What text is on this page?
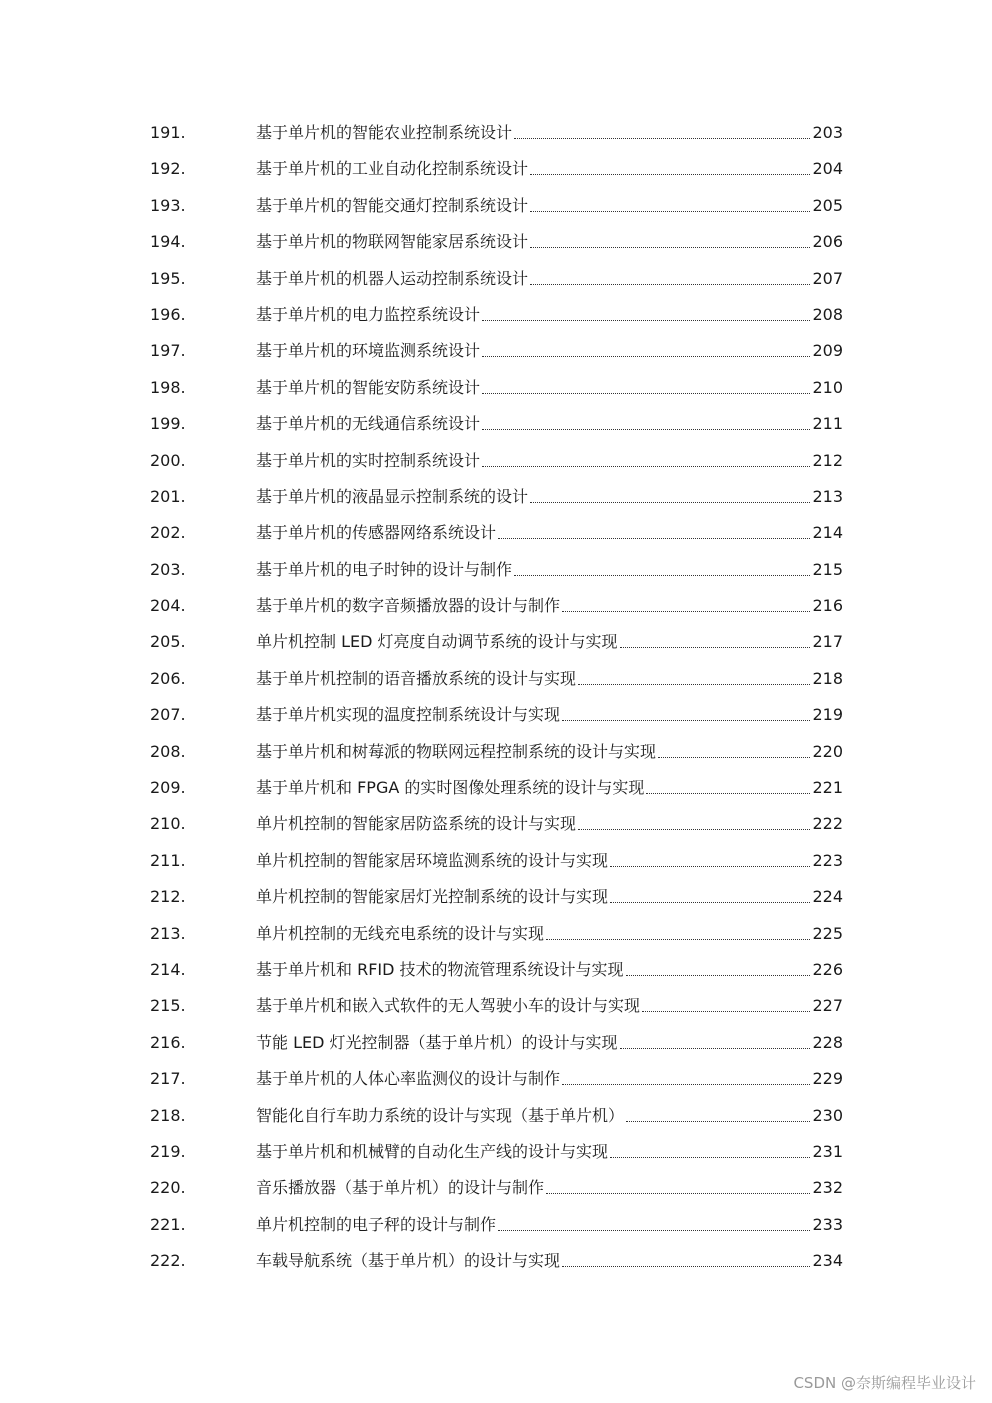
191.	基于单片机的智能农业控制系统设计	203
192.	基于单片机的工业自动化控制系统设计	204
193.	基于单片机的智能交通灯控制系统设计	205
194.	基于单片机的物联网智能家居系统设计	206
195.	基于单片机的机器人运动控制系统设计	207
196.	基于单片机的电力监控系统设计	208
197.	基于单片机的环境监测系统设计	209
198.	基于单片机的智能安防系统设计	210
199.	基于单片机的无线通信系统设计	211
200.	基于单片机的实时控制系统设计	212
201.	基于单片机的液晶显示控制系统的设计	213
202.	基于单片机的传感器网络系统设计	214
203.	基于单片机的电子时钟的设计与制作	215
204.	基于单片机的数字音频播放器的设计与制作	216
205.	单片机控制 LED 灯亮度自动调节系统的设计与实现	217
206.	基于单片机控制的语音播放系统的设计与实现	218
207.	基于单片机实现的温度控制系统设计与实现	219
208.	基于单片机和树莓派的物联网远程控制系统的设计与实现	220
209.	基于单片机和 FPGA 的实时图像处理系统的设计与实现	221
210.	单片机控制的智能家居防盗系统的设计与实现	222
211.	单片机控制的智能家居环境监测系统的设计与实现	223
212.	单片机控制的智能家居灯光控制系统的设计与实现	224
213.	单片机控制的无线充电系统的设计与实现	225
214.	基于单片机和 RFID 技术的物流管理系统设计与实现	226
215.	基于单片机和嵌入式软件的无人驾驶小车的设计与实现	227
216.	节能 LED 灯光控制器（基于单片机）的设计与实现	228
217.	基于单片机的人体心率监测仪的设计与制作	229
218.	智能化自行车助力系统的设计与实现（基于单片机）	230
219.	基于单片机和机械臂的自动化生产线的设计与实现	231
220.	音乐播放器（基于单片机）的设计与制作	232
221.	单片机控制的电子秤的设计与制作	233
222.	车载导航系统（基于单片机）的设计与实现	234
CSDN @奈斯编程毕业设计
